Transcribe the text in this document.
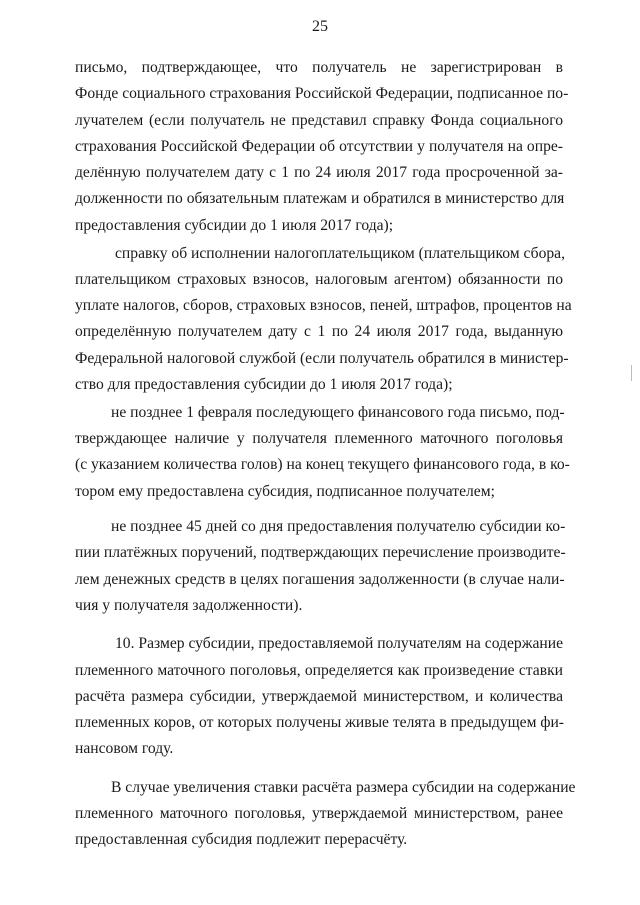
25
письмо, подтверждающее, что получатель не зарегистрирован в
Фонде социального страхования Российской Федерации, подписанное по-
лучателем (если получатель не представил справку Фонда социального
страхования Российской Федерации об отсутствии у получателя на опре-
делённую получателем дату с 1 по 24 июля 2017 года просроченной за-
долженности по обязательным платежам и обратился в министерство для
предоставления субсидии до 1 июля 2017 года);
справку об исполнении налогоплательщиком (плательщиком сбора,
плательщиком страховых взносов, налоговым агентом) обязанности по
уплате налогов, сборов, страховых взносов, пеней, штрафов, процентов на
определённую получателем дату с 1 по 24 июля 2017 года, выданную
Федеральной налоговой службой (если получатель обратился в министер-
ство для предоставления субсидии до 1 июля 2017 года);
не позднее 1 февраля последующего финансового года письмо, под-
тверждающее наличие у получателя племенного маточного поголовья
(с указанием количества голов) на конец текущего финансового года, в ко-
тором ему предоставлена субсидия, подписанное получателем;
не позднее 45 дней со дня предоставления получателю субсидии ко-
пии платёжных поручений, подтверждающих перечисление производите-
лем денежных средств в целях погашения задолженности (в случае нали-
чия у получателя задолженности).
10. Размер субсидии, предоставляемой получателям на содержание
племенного маточного поголовья, определяется как произведение ставки
расчёта размера субсидии, утверждаемой министерством, и количества
племенных коров, от которых получены живые телята в предыдущем фи-
нансовом году.
В случае увеличения ставки расчёта размера субсидии на содержание
племенного маточного поголовья, утверждаемой министерством, ранее
предоставленная субсидия подлежит перерасчёту.
